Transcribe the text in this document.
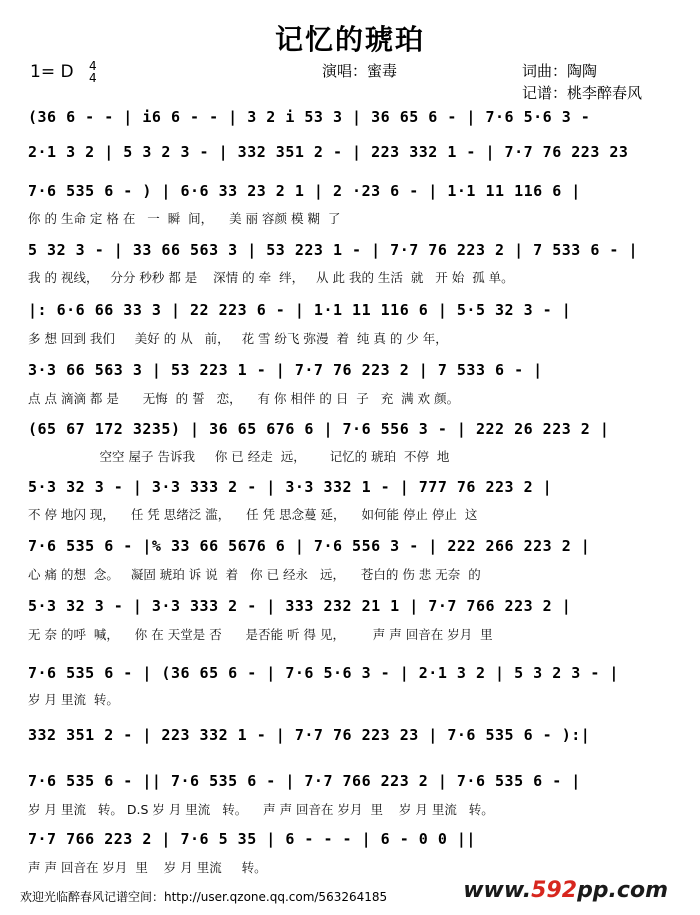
记忆的琥珀
1= D 4
4	演唱：蜜毒	词曲：陶陶
记谱：桃李醉春风
(36 6 - - | i6 6 - - | 3 2 i 53 3 | 36 65 6 - | 7·6 5·6 3 -
2·1 3 2 | 5 3 2 3 - | 332 351 2 - | 223 332 1 - | 7·7 76 223 23
7·6 535 6 - ) | 6·6 33 23 2 1 | 2 ·23 6 - | 1·1 11 116 6 |
你 的 生命 定 格 在   一  瞬  间，    美 丽 容颜 模 糊  了
5 32 3 - | 33 66 563 3 | 53 223 1 - | 7·7 76 223 2 | 7 533 6 - |
我 的 视线，   分分 秒秒 都 是    深情 的 牵  绊，   从 此 我的 生活  就   开 始  孤 单。
|: 6·6 66 33 3 | 22 223 6 - | 1·1 11 116 6 | 5·5 32 3 - |
多 想 回到 我们     美好 的 从   前，   花 雪 纷飞 弥漫  着  纯 真 的 少 年，
3·3 66 563 3 | 53 223 1 - | 7·7 76 223 2 | 7 533 6 - |
点 点 滴滴 都 是      无悔  的 誓   恋，    有 你 相伴 的 日  子   充  满 欢 颜。
(65 67 172 3235) | 36 65 676 6 | 7·6 556 3 - | 222 26 223 2 |
空空 屋子 告诉我     你 已 经走  远，      记忆的 琥珀  不停  地
5·3 32 3 - | 3·3 333 2 - | 3·3 332 1 - | 777 76 223 2 |
不 停 地闪 现，    任 凭 思绪泛 滥，    任 凭 思念蔓 延，    如何能 停止 停止  这
7·6 535 6 - |% 33 66 5676 6 | 7·6 556 3 - | 222 266 223 2 |
心 痛 的想  念。   凝固 琥珀 诉 说  着   你 已 经永   远，    苍白的 伤 悲 无奈  的
5·3 32 3 - | 3·3 333 2 - | 333 232 21 1 | 7·7 766 223 2 |
无 奈 的呼  喊，    你 在 天堂是 否      是否能 听 得 见，       声 声 回音在 岁月  里
7·6 535 6 - | (36 65 6 - | 7·6 5·6 3 - | 2·1 3 2 | 5 3 2 3 - |
岁 月 里流  转。
332 351 2 - | 223 332 1 - | 7·7 76 223 23 | 7·6 535 6 - ):|
7·6 535 6 - || 7·6 535 6 - | 7·7 766 223 2 | 7·6 535 6 - |
岁 月 里流   转。 D.S 岁 月 里流   转。    声 声 回音在 岁月  里    岁 月 里流   转。
7·7 766 223 2 | 7·6 5 35 | 6 - - - | 6 - 0 0 ||
声 声 回音在 岁月  里    岁 月 里流     转。
欢迎光临醉春风记谱空间：http://user.qzone.qq.com/563264185	www.592pp.com
